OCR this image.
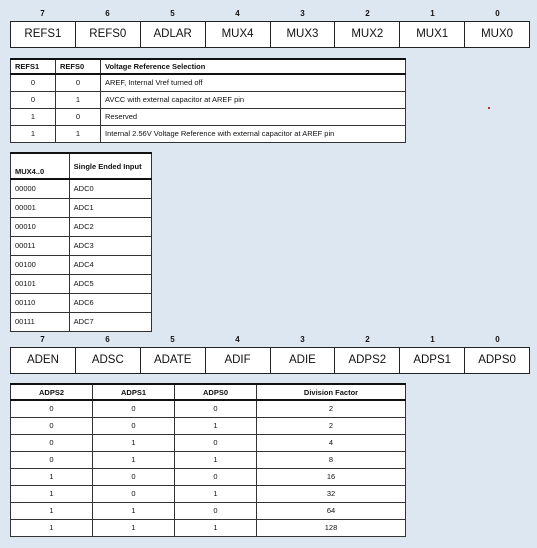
7	6	5	4	3	2	1	0
REFS1	REFS0	ADLAR	MUX4	MUX3	MUX2	MUX1	MUX0
REFS1	REFS0	Voltage Reference Selection
0	0	AREF, Internal Vref turned off
0	1	AVCC with external capacitor at AREF pin
1	0	Reserved
1	1	Internal 2.56V Voltage Reference with external capacitor at AREF pin
MUX4..0	Single Ended Input
00000	ADC0
00001	ADC1
00010	ADC2
00011	ADC3
00100	ADC4
00101	ADC5
00110	ADC6
00111	ADC7
7	6	5	4	3	2	1	0
ADEN	ADSC	ADATE	ADIF	ADIE	ADPS2	ADPS1	ADPS0
ADPS2	ADPS1	ADPS0	Division Factor
0	0	0	2
0	0	1	2
0	1	0	4
0	1	1	8
1	0	0	16
1	0	1	32
1	1	0	64
1	1	1	128
